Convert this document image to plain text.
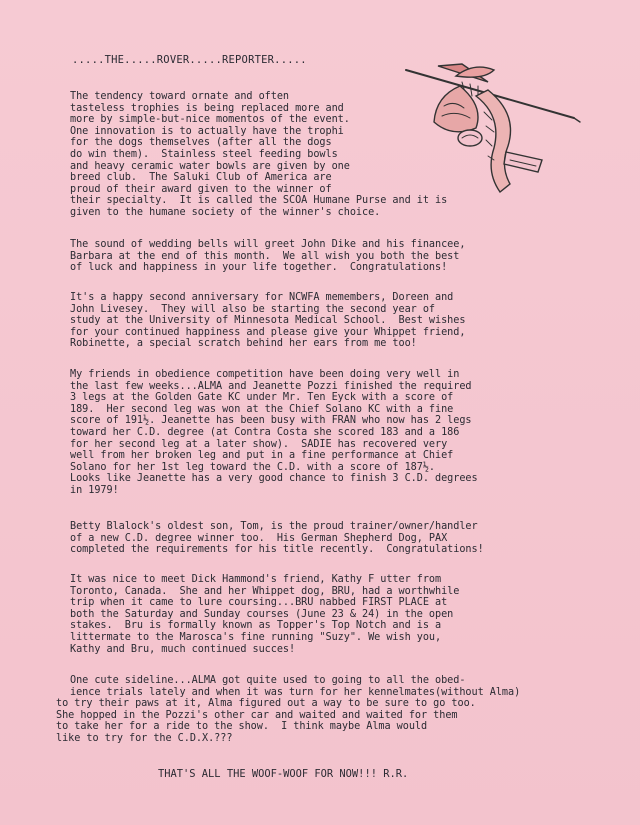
.....THE.....ROVER.....REPORTER.....
The tendency toward ornate and often
tasteless trophies is being replaced more and
more by simple-but-nice momentos of the event.
One innovation is to actually have the trophi
for the dogs themselves (after all the dogs
do win them).  Stainless steel feeding bowls
and heavy ceramic water bowls are given by one
breed club.  The Saluki Club of America are
proud of their award given to the winner of
their specialty.  It is called the SCOA Humane Purse and it is
given to the humane society of the winner's choice.
The sound of wedding bells will greet John Dike and his financee,
Barbara at the end of this month.  We all wish you both the best
of luck and happiness in your life together.  Congratulations!
It's a happy second anniversary for NCWFA memembers, Doreen and
John Livesey.  They will also be starting the second year of
study at the University of Minnesota Medical School.  Best wishes
for your continued happiness and please give your Whippet friend,
Robinette, a special scratch behind her ears from me too!
My friends in obedience competition have been doing very well in
the last few weeks...ALMA and Jeanette Pozzi finished the required
3 legs at the Golden Gate KC under Mr. Ten Eyck with a score of
189.  Her second leg was won at the Chief Solano KC with a fine
score of 191½. Jeanette has been busy with FRAN who now has 2 legs
toward her C.D. degree (at Contra Costa she scored 183 and a 186
for her second leg at a later show).  SADIE has recovered very
well from her broken leg and put in a fine performance at Chief
Solano for her 1st leg toward the C.D. with a score of 187½.
Looks like Jeanette has a very good chance to finish 3 C.D. degrees
in 1979!
Betty Blalock's oldest son, Tom, is the proud trainer/owner/handler
of a new C.D. degree winner too.  His German Shepherd Dog, PAX
completed the requirements for his title recently.  Congratulations!
It was nice to meet Dick Hammond's friend, Kathy F utter from
Toronto, Canada.  She and her Whippet dog, BRU, had a worthwhile
trip when it came to lure coursing...BRU nabbed FIRST PLACE at
both the Saturday and Sunday courses (June 23 & 24) in the open
stakes.  Bru is formally known as Topper's Top Notch and is a
littermate to the Marosca's fine running "Suzy". We wish you,
Kathy and Bru, much continued succes!
One cute sideline...ALMA got quite used to going to all the obed-
ience trials lately and when it was turn for her kennelmates(without Alma)
to try their paws at it, Alma figured out a way to be sure to go too.
She hopped in the Pozzi's other car and waited and waited for them
to take her for a ride to the show.  I think maybe Alma would
like to try for the C.D.X.???
THAT'S ALL THE WOOF-WOOF FOR NOW!!! R.R.
